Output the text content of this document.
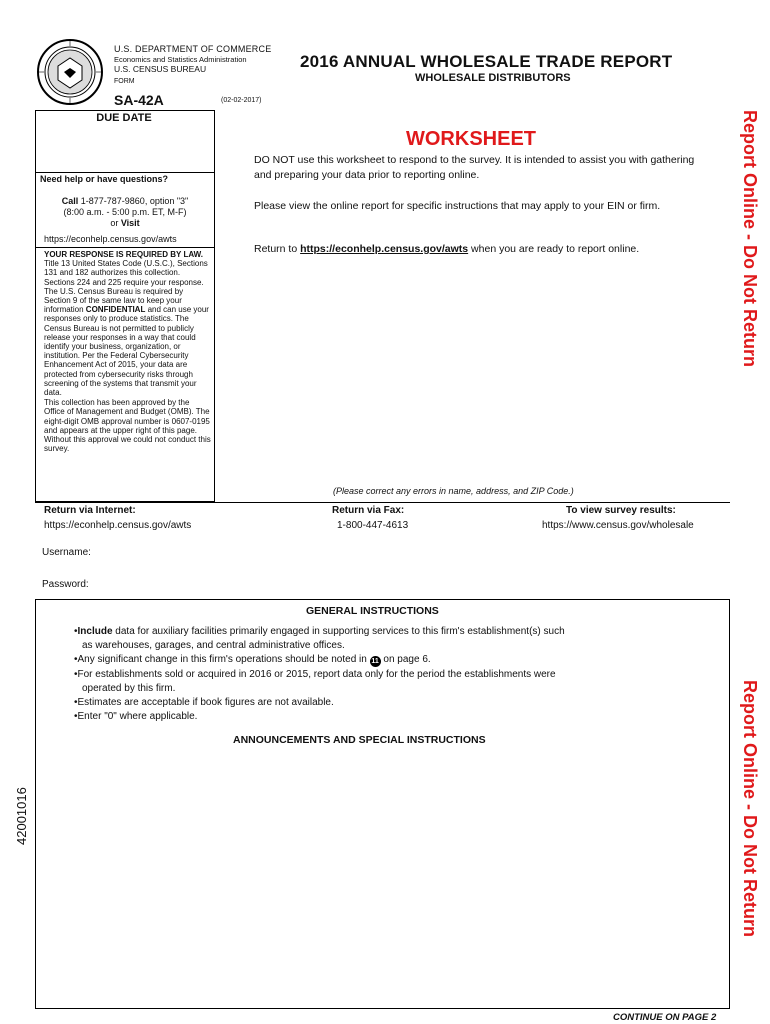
U.S. DEPARTMENT OF COMMERCE
Economics and Statistics Administration
U.S. CENSUS BUREAU
FORM
SA-42A	(02-02-2017)
2016 ANNUAL WHOLESALE TRADE REPORT
WHOLESALE DISTRIBUTORS
Report Online - Do Not Return
Report Online - Do Not Return
42001016
DUE DATE
Need help or have questions?
Call 1-877-787-9860, option "3"
(8:00 a.m. - 5:00 p.m. ET, M-F)
or Visit
https://econhelp.census.gov/awts
YOUR RESPONSE IS REQUIRED BY LAW. Title 13 United States Code (U.S.C.), Sections 131 and 182 authorizes this collection. Sections 224 and 225 require your response. The U.S. Census Bureau is required by Section 9 of the same law to keep your information CONFIDENTIAL and can use your responses only to produce statistics. The Census Bureau is not permitted to publicly release your responses in a way that could identify your business, organization, or institution. Per the Federal Cybersecurity Enhancement Act of 2015, your data are protected from cybersecurity risks through screening of the systems that transmit your data.
This collection has been approved by the Office of Management and Budget (OMB). The eight-digit OMB approval number is 0607-0195 and appears at the upper right of this page. Without this approval we could not conduct this survey.
WORKSHEET
DO NOT use this worksheet to respond to the survey. It is intended to assist you with gathering and preparing your data prior to reporting online.
Please view the online report for specific instructions that may apply to your EIN or firm.
Return to https://econhelp.census.gov/awts when you are ready to report online.
(Please correct any errors in name, address, and ZIP Code.)
Return via Internet:
https://econhelp.census.gov/awts
Return via Fax:
1-800-447-4613
To view survey results:
https://www.census.gov/wholesale
Username:
Password:
GENERAL INSTRUCTIONS
•Include data for auxiliary facilities primarily engaged in supporting services to this firm's establishment(s) such
as warehouses, garages, and central administrative offices.
•Any significant change in this firm's operations should be noted in 11 on page 6.
•For establishments sold or acquired in 2016 or 2015, report data only for the period the establishments were
operated by this firm.
•Estimates are acceptable if book figures are not available.
•Enter "0" where applicable.
ANNOUNCEMENTS AND SPECIAL INSTRUCTIONS
CONTINUE ON PAGE 2
